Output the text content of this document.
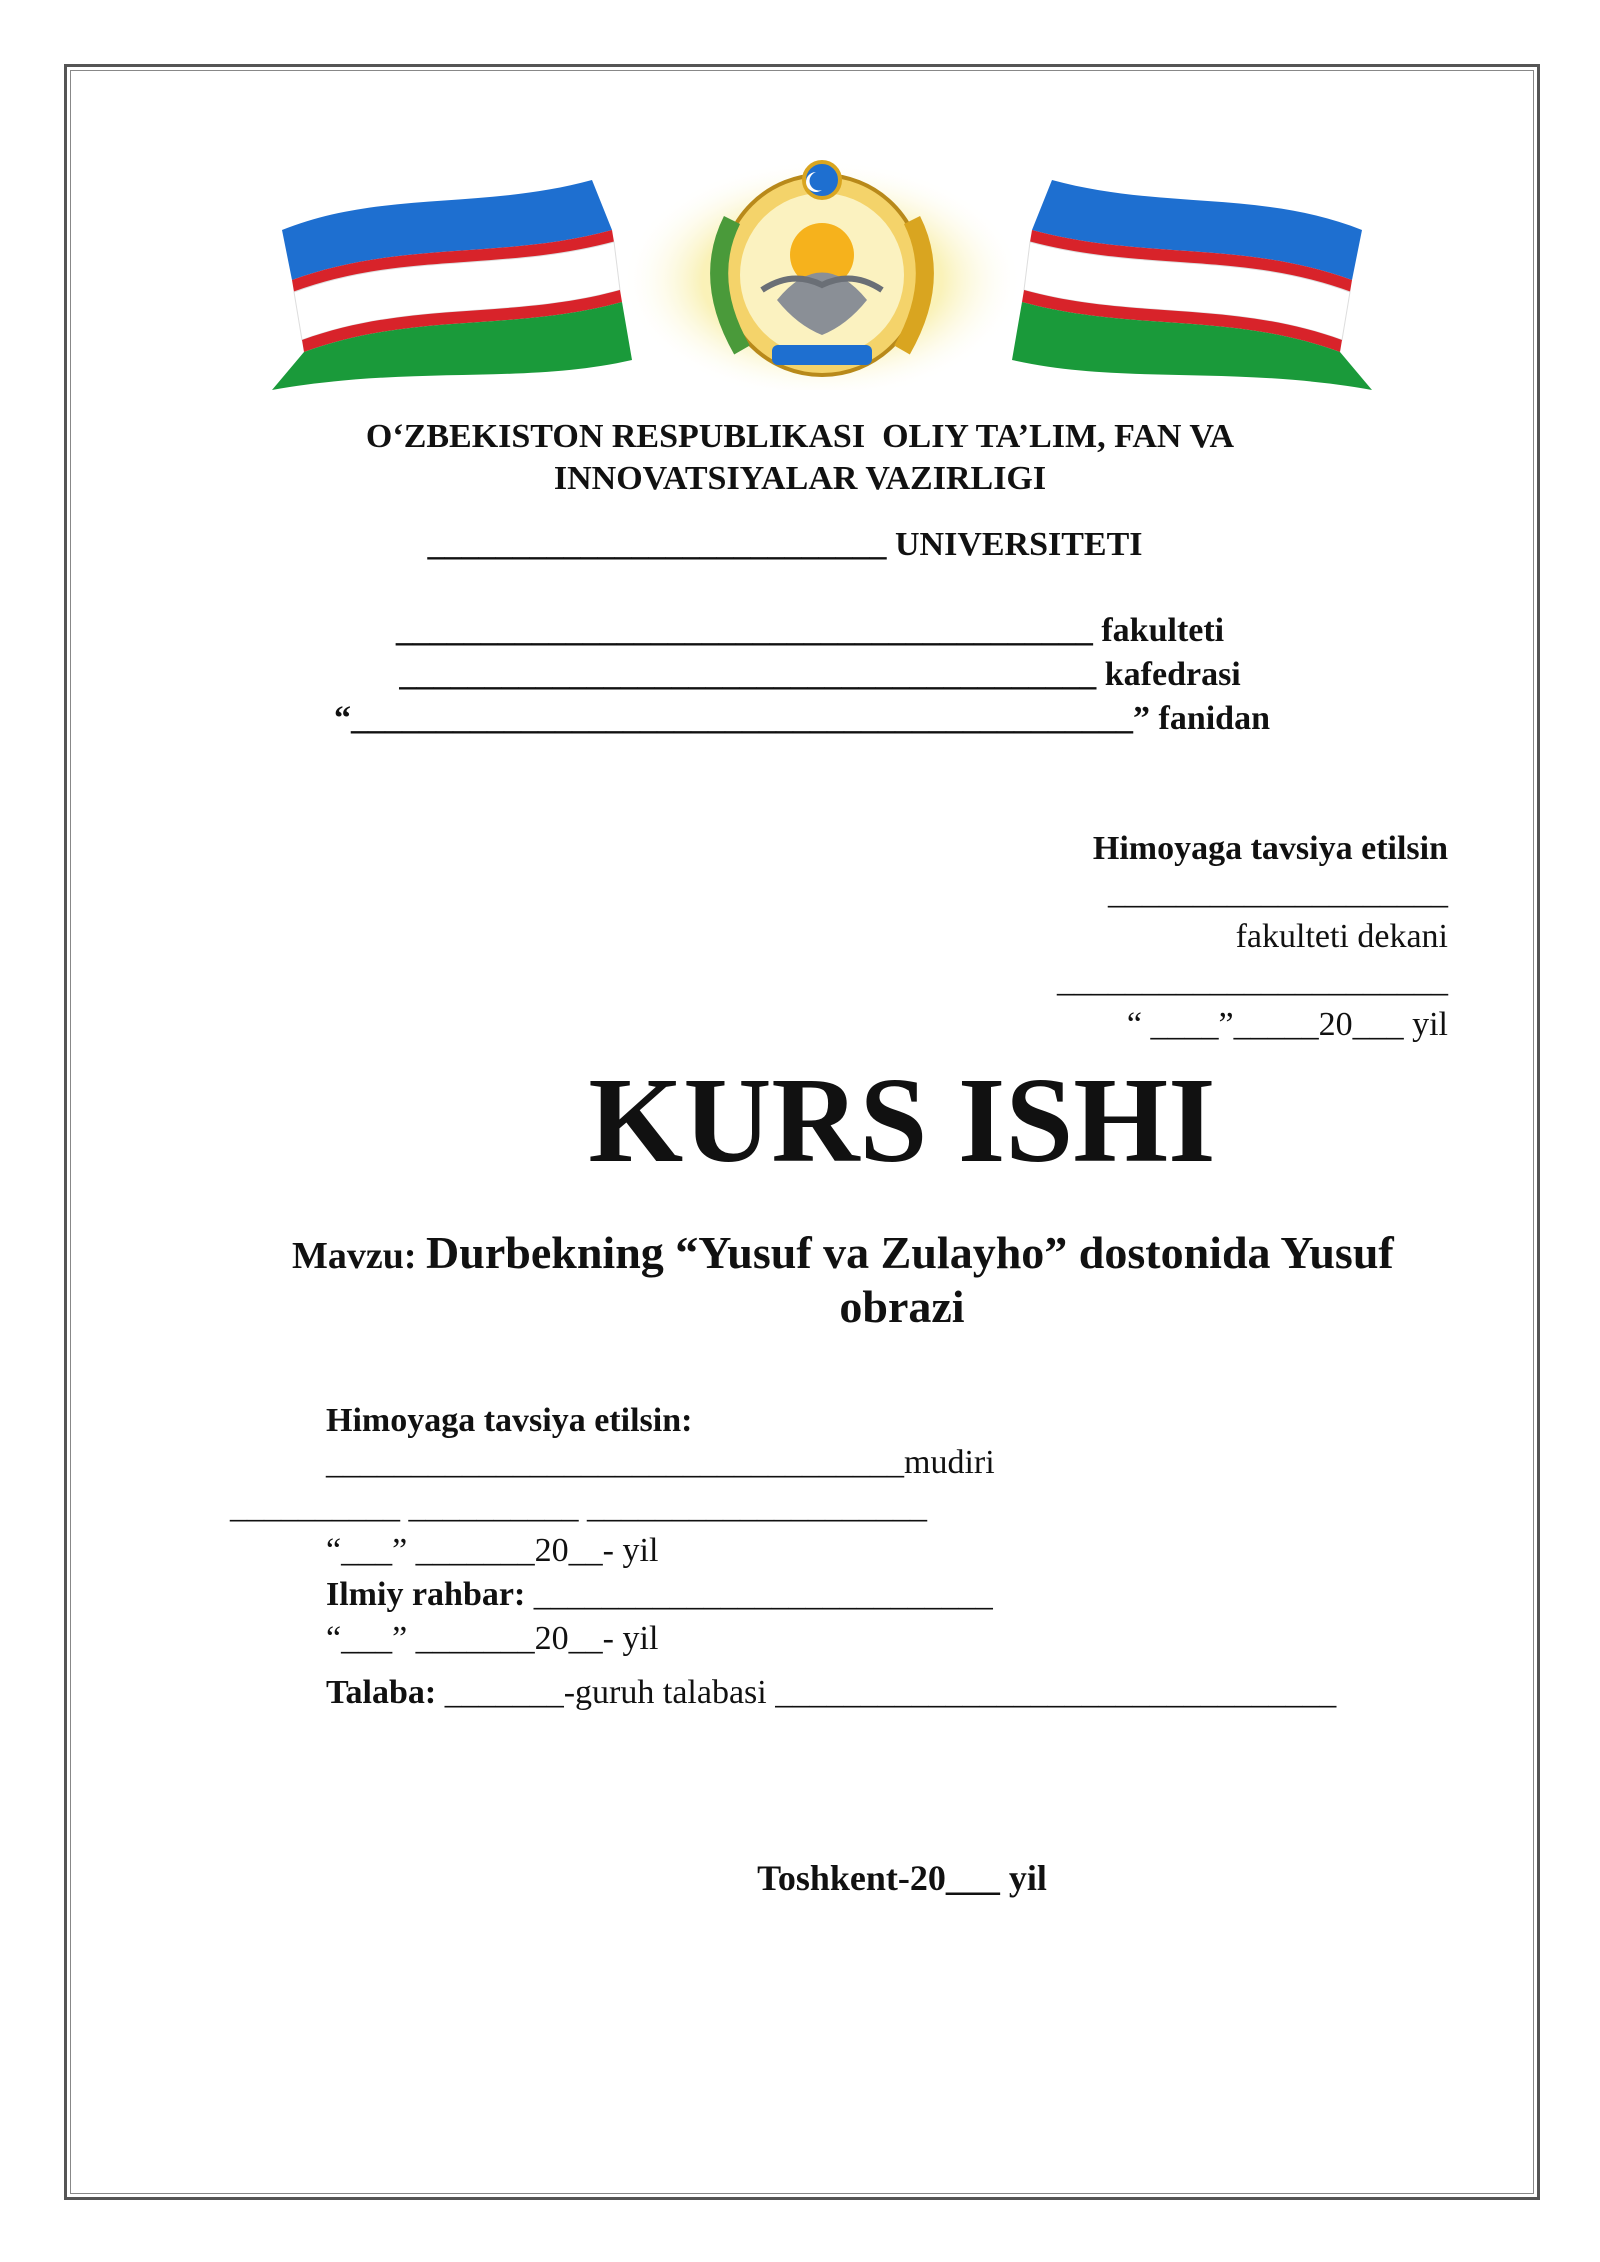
O‘ZBEKISTON RESPUBLIKASI  OLIY TA’LIM, FAN VA
INNOVATSIYALAR VAZIRLIGI
___________________________ UNIVERSITETI
_________________________________________ fakulteti
_________________________________________ kafedrasi
“______________________________________________” fanidan
Himoyaga tavsiya etilsin
____________________
fakulteti dekani
_______________________
“ ____”_____20___ yil
KURS ISHI
Mavzu: Durbekning “Yusuf va Zulayho” dostonida Yusuf
obrazi
Himoyaga tavsiya etilsin:
__________________________________mudiri
__________ __________ ____________________
“___” _______20__- yil
Ilmiy rahbar: ___________________________
“___” _______20__- yil
Talaba: _______-guruh talabasi _________________________________
Toshkent-20___ yil
